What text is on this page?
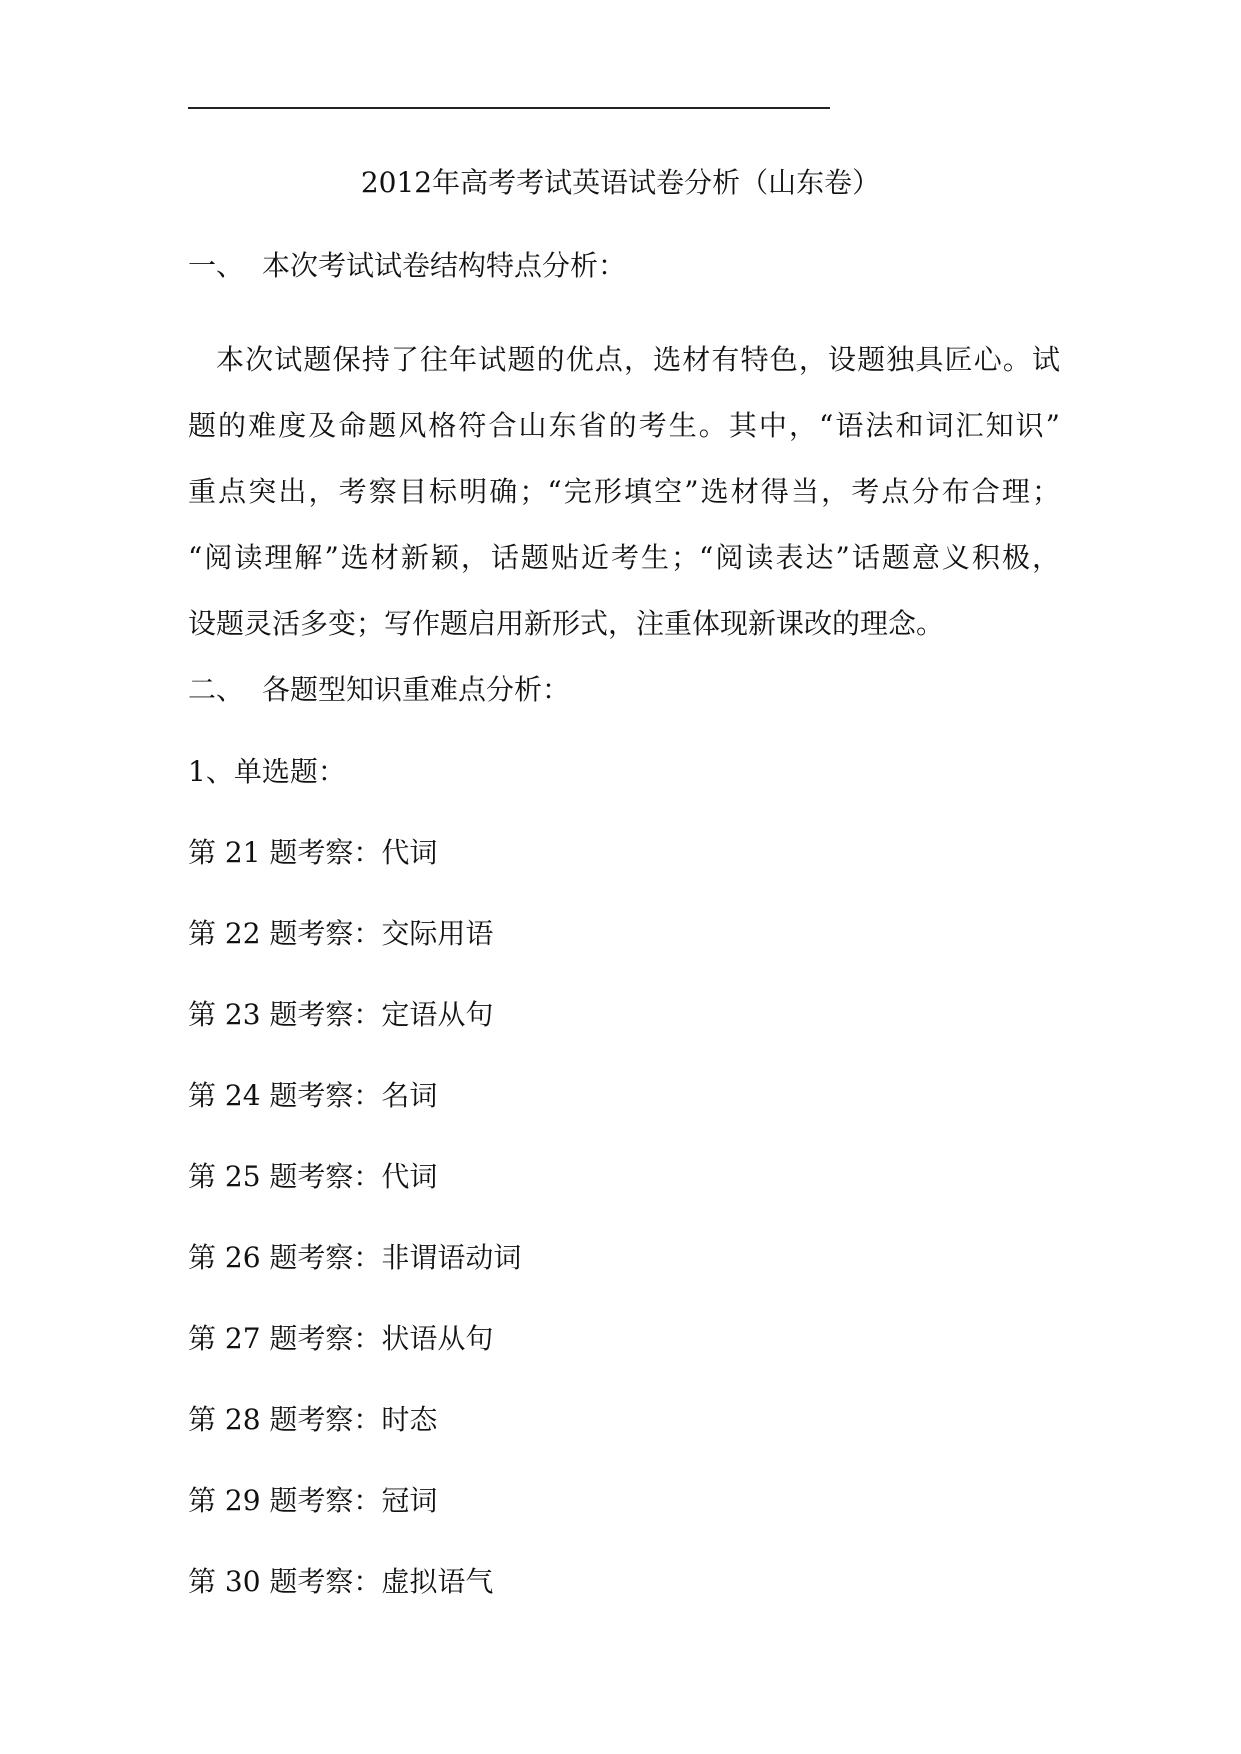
2012年高考考试英语试卷分析（山东卷）
一、 本次考试试卷结构特点分析：
本次试题保持了往年试题的优点，选材有特色，设题独具匠心。试
题的难度及命题风格符合山东省的考生。其中，“语法和词汇知识”
重点突出，考察目标明确；“完形填空”选材得当，考点分布合理；
“阅读理解”选材新颖，话题贴近考生；“阅读表达”话题意义积极，
设题灵活多变；写作题启用新形式，注重体现新课改的理念。
二、 各题型知识重难点分析：
1、单选题：
第 21 题考察：代词
第 22 题考察：交际用语
第 23 题考察：定语从句
第 24 题考察：名词
第 25 题考察：代词
第 26 题考察：非谓语动词
第 27 题考察：状语从句
第 28 题考察：时态
第 29 题考察：冠词
第 30 题考察：虚拟语气
